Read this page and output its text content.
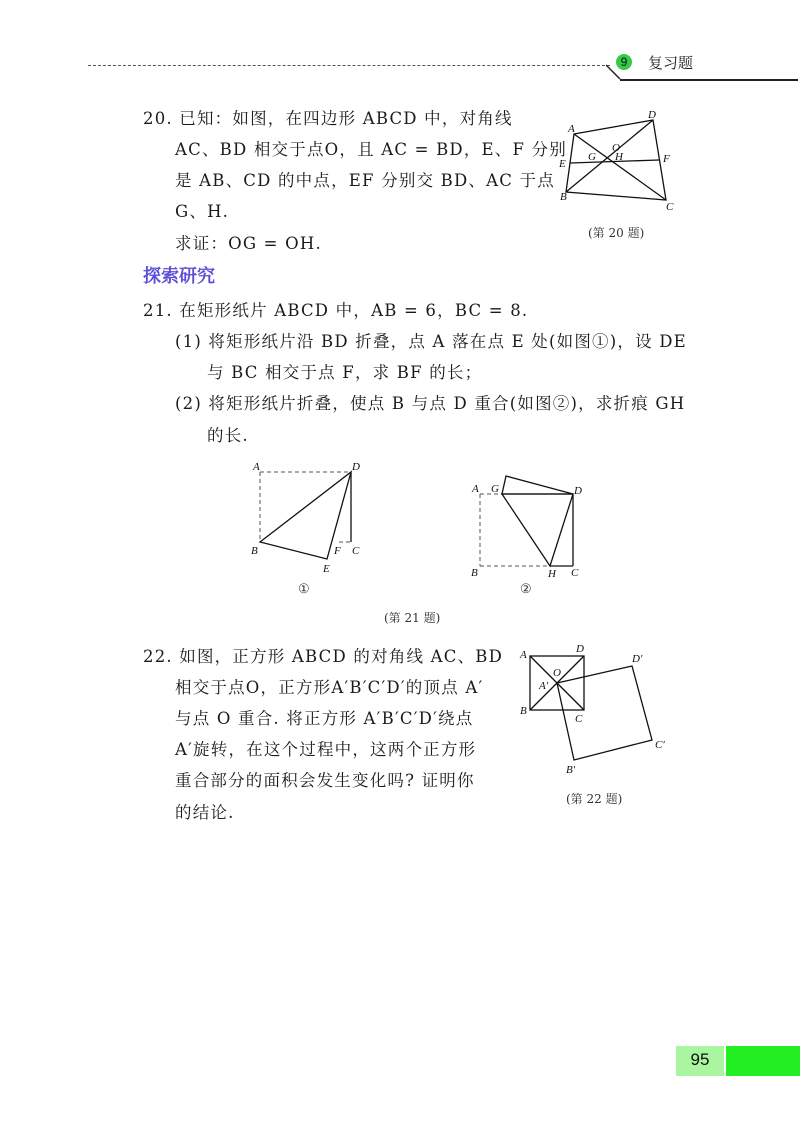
9	复习题
20. 已知：如图，在四边形 ABCD 中，对角线
AC、BD 相交于点O，且 AC = BD，E、F 分别
是 AB、CD 的中点，EF 分别交 BD、AC 于点
G、H.
求证：OG = OH.
A
D
O
E
G H	F
B
C
(第 20 题)
探索研究
21. 在矩形纸片 ABCD 中，AB = 6，BC = 8.
(1) 将矩形纸片沿 BD 折叠，点 A 落在点 E 处(如图①)，设 DE
与 BC 相交于点 F，求 BF 的长；
(2) 将矩形纸片折叠，使点 B 与点 D 重合(如图②)，求折痕 GH
的长.
A	D
B	F C
E
①
A G	D
B	H C
②
(第 21 题)
22. 如图，正方形 ABCD 的对角线 AC、BD
相交于点O，正方形A′B′C′D′的顶点 A′
与点 O 重合. 将正方形 A′B′C′D′绕点
A′旋转，在这个过程中，这两个正方形
重合部分的面积会发生变化吗? 证明你
的结论.
A	D
D′
O
A′
B
C
C′
B′
(第 22 题)
95
